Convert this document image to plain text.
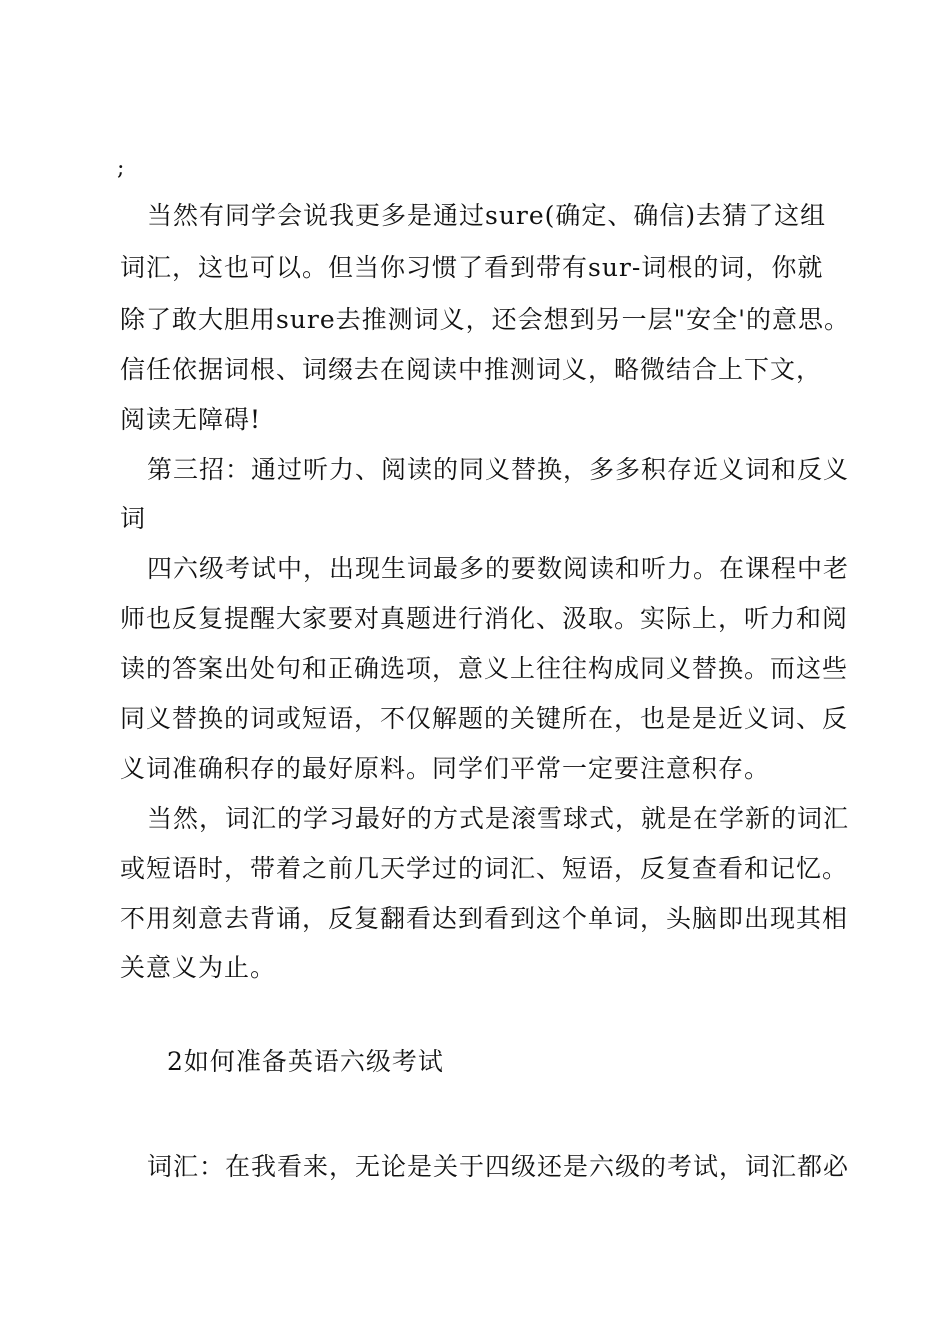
;
当然有同学会说我更多是通过sure(确定、确信)去猜了这组
词汇，这也可以。但当你习惯了看到带有sur-词根的词，你就
除了敢大胆用sure去推测词义，还会想到另一层"安全'的意思。
信任依据词根、词缀去在阅读中推测词义，略微结合上下文，
阅读无障碍!
第三招：通过听力、阅读的同义替换，多多积存近义词和反义
词
四六级考试中，出现生词最多的要数阅读和听力。在课程中老
师也反复提醒大家要对真题进行消化、汲取。实际上，听力和阅
读的答案出处句和正确选项，意义上往往构成同义替换。而这些
同义替换的词或短语，不仅解题的关键所在，也是是近义词、反
义词准确积存的最好原料。同学们平常一定要注意积存。
当然，词汇的学习最好的方式是滚雪球式，就是在学新的词汇
或短语时，带着之前几天学过的词汇、短语，反复查看和记忆。
不用刻意去背诵，反复翻看达到看到这个单词，头脑即出现其相
关意义为止。
2如何准备英语六级考试
词汇：在我看来，无论是关于四级还是六级的考试，词汇都必
